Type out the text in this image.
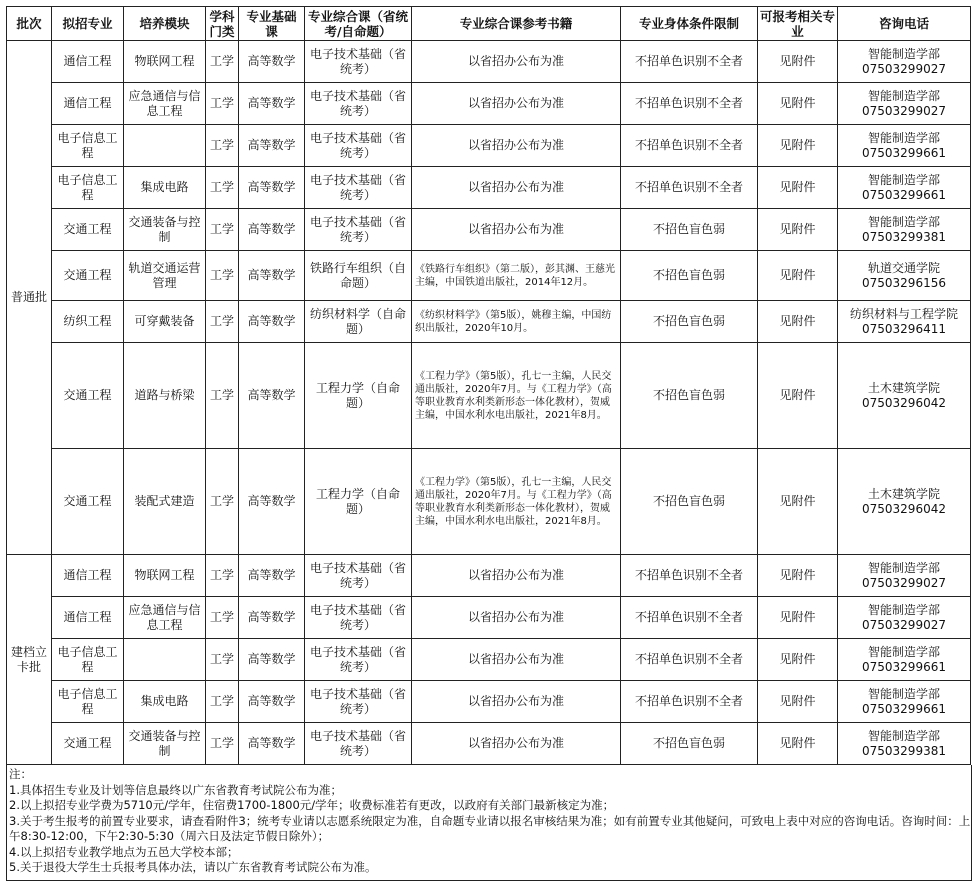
批次	拟招专业	培养模块	学科门类	专业基础课	专业综合课（省统考/自命题）	专业综合课参考书籍	专业身体条件限制	可报考相关专业	咨询电话
普通批	通信工程	物联网工程	工学	高等数学	电子技术基础（省统考）	以省招办公布为准	不招单色识别不全者	见附件	智能制造学部07503299027
	通信工程	应急通信与信息工程	工学	高等数学	电子技术基础（省统考）	以省招办公布为准	不招单色识别不全者	见附件	智能制造学部07503299027
	电子信息工程		工学	高等数学	电子技术基础（省统考）	以省招办公布为准	不招单色识别不全者	见附件	智能制造学部07503299661
	电子信息工程	集成电路	工学	高等数学	电子技术基础（省统考）	以省招办公布为准	不招单色识别不全者	见附件	智能制造学部07503299661
	交通工程	交通装备与控制	工学	高等数学	电子技术基础（省统考）	以省招办公布为准	不招色盲色弱	见附件	智能制造学部07503299381
	交通工程	轨道交通运营管理	工学	高等数学	铁路行车组织（自命题）	《铁路行车组织》（第二版），彭其渊、王慈光主编，中国铁道出版社，2014年12月。	不招色盲色弱	见附件	轨道交通学院07503296156
	纺织工程	可穿戴装备	工学	高等数学	纺织材料学（自命题）	《纺织材料学》（第5版），姚穆主编，中国纺织出版社，2020年10月。	不招色盲色弱	见附件	纺织材料与工程学院07503296411
	交通工程	道路与桥梁	工学	高等数学	工程力学（自命题）	《工程力学》（第5版），孔七一主编，人民交通出版社，2020年7月。与《工程力学》（高等职业教育水利类新形态一体化教材），贺威主编，中国水利水电出版社，2021年8月。	不招色盲色弱	见附件	土木建筑学院07503296042
	交通工程	装配式建造	工学	高等数学	工程力学（自命题）	《工程力学》（第5版），孔七一主编，人民交通出版社，2020年7月。与《工程力学》（高等职业教育水利类新形态一体化教材），贺威主编，中国水利水电出版社，2021年8月。	不招色盲色弱	见附件	土木建筑学院07503296042
建档立卡批	通信工程	物联网工程	工学	高等数学	电子技术基础（省统考）	以省招办公布为准	不招单色识别不全者	见附件	智能制造学部07503299027
	通信工程	应急通信与信息工程	工学	高等数学	电子技术基础（省统考）	以省招办公布为准	不招单色识别不全者	见附件	智能制造学部07503299027
	电子信息工程		工学	高等数学	电子技术基础（省统考）	以省招办公布为准	不招单色识别不全者	见附件	智能制造学部07503299661
	电子信息工程	集成电路	工学	高等数学	电子技术基础（省统考）	以省招办公布为准	不招单色识别不全者	见附件	智能制造学部07503299661
	交通工程	交通装备与控制	工学	高等数学	电子技术基础（省统考）	以省招办公布为准	不招色盲色弱	见附件	智能制造学部07503299381
注：
1.具体招生专业及计划等信息最终以广东省教育考试院公布为准；
2.以上拟招专业学费为5710元/学年，住宿费1700-1800元/学年；收费标准若有更改，以政府有关部门最新核定为准；
3.关于考生报考的前置专业要求，请查看附件3；统考专业请以志愿系统限定为准，自命题专业请以报名审核结果为准；如有前置专业其他疑问，可致电上表中对应的咨询电话。咨询时间：上午8:30-12:00，下午2:30-5:30（周六日及法定节假日除外）；
4.以上拟招专业教学地点为五邑大学校本部；
5.关于退役大学生士兵报考具体办法，请以广东省教育考试院公布为准。
